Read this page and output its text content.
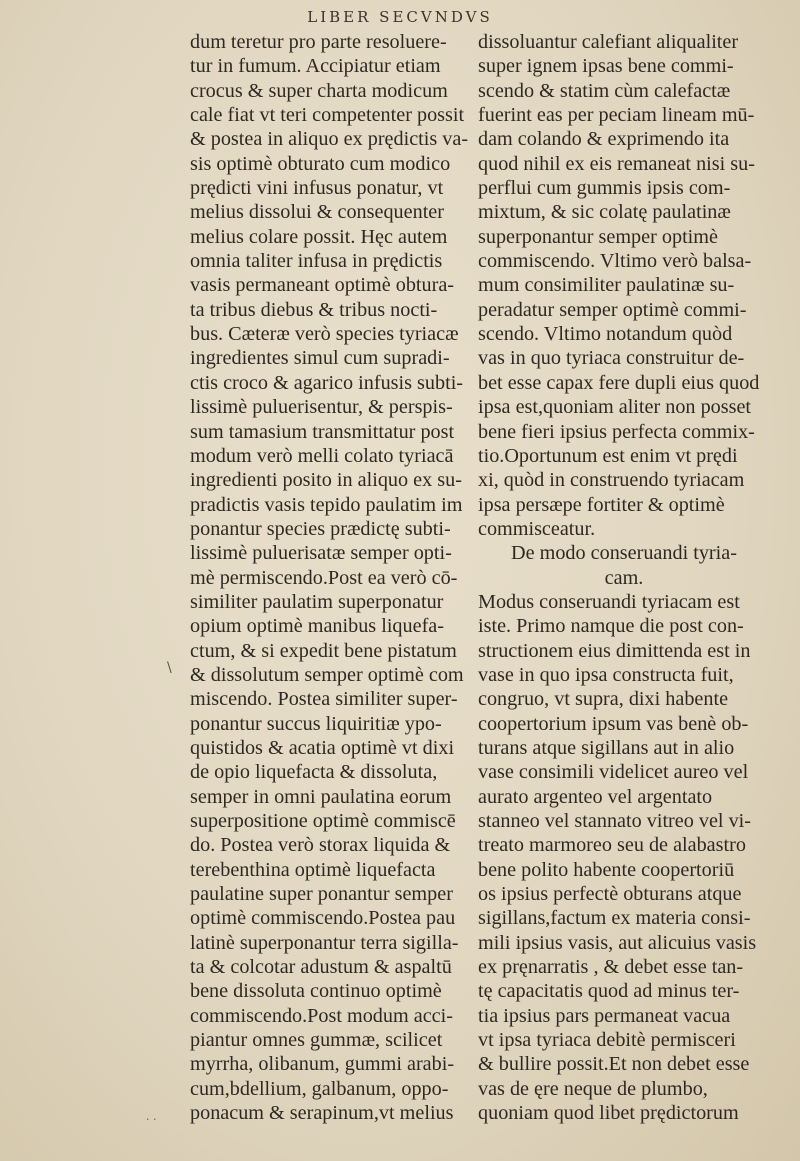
LIBER SECVNDVS
dum teretur pro parte resoluere-
tur in fumum. Accipiatur etiam
crocus & super charta modicum
cale fiat vt teri competenter possit
& postea in aliquo ex prędictis va-
sis optimè obturato cum modico
prędicti vini infusus ponatur, vt
melius dissolui & consequenter
melius colare possit. Hęc autem
omnia taliter infusa in prędictis
vasis permaneant optimè obtura-
ta tribus diebus & tribus nocti-
bus. Cæteræ verò species tyriacæ
ingredientes simul cum supradi-
ctis croco & agarico infusis subti-
lissimè puluerisentur, & perspis-
sum tamasium transmittatur post
modum verò melli colato tyriacā
ingredienti posito in aliquo ex su-
pradictis vasis tepido paulatim im
ponantur species prædictę subti-
lissimè puluerisatæ semper opti-
mè permiscendo.Post ea verò cō-
similiter paulatim superponatur
opium optimè manibus liquefa-
ctum, & si expedit bene pistatum
& dissolutum semper optimè com
miscendo. Postea similiter super-
ponantur succus liquiritiæ ypo-
quistidos & acatia optimè vt dixi
de opio liquefacta & dissoluta,
semper in omni paulatina eorum
superpositione optimè commiscē
do. Postea verò storax liquida &
terebenthina optimè liquefacta
paulatine super ponantur semper
optimè commiscendo.Postea pau
latinè superponantur terra sigilla-
ta & colcotar adustum & aspaltū
bene dissoluta continuo optimè
commiscendo.Post modum acci-
piantur omnes gummæ, scilicet
myrrha, olibanum, gummi arabi-
cum,bdellium, galbanum, oppo-
ponacum & serapinum,vt melius
dissoluantur calefiant aliqualiter
super ignem ipsas bene commi-
scendo & statim cùm calefactæ
fuerint eas per peciam lineam mū-
dam colando & exprimendo ita
quod nihil ex eis remaneat nisi su-
perflui cum gummis ipsis com-
mixtum, & sic colatę paulatinæ
superponantur semper optimè
commiscendo. Vltimo verò balsa-
mum consimiliter paulatinæ su-
peradatur semper optimè commi-
scendo. Vltimo notandum quòd
vas in quo tyriaca construitur de-
bet esse capax fere dupli eius quod
ipsa est,quoniam aliter non posset
bene fieri ipsius perfecta commix-
tio.Oportunum est enim vt prędi
xi, quòd in construendo tyriacam
ipsa persæpe fortiter & optimè
commisceatur.
De modo conseruandi tyria-
cam.
Modus conseruandi tyriacam est
iste. Primo namque die post con-
structionem eius dimittenda est in
vase in quo ipsa constructa fuit,
congruo, vt supra, dixi habente
coopertorium ipsum vas benè ob-
turans atque sigillans aut in alio
vase consimili videlicet aureo vel
aurato argenteo vel argentato
stanneo vel stannato vitreo vel vi-
treato marmoreo seu de alabastro
bene polito habente coopertoriū
os ipsius perfectè obturans atque
sigillans,factum ex materia consi-
mili ipsius vasis, aut alicuius vasis
ex pręnarratis , & debet esse tan-
tę capacitatis quod ad minus ter-
tia ipsius pars permaneat vacua
vt ipsa tyriaca debitè permisceri
& bullire possit.Et non debet esse
vas de ęre neque de plumbo,
quoniam quod libet prędictorum
\
· ·
